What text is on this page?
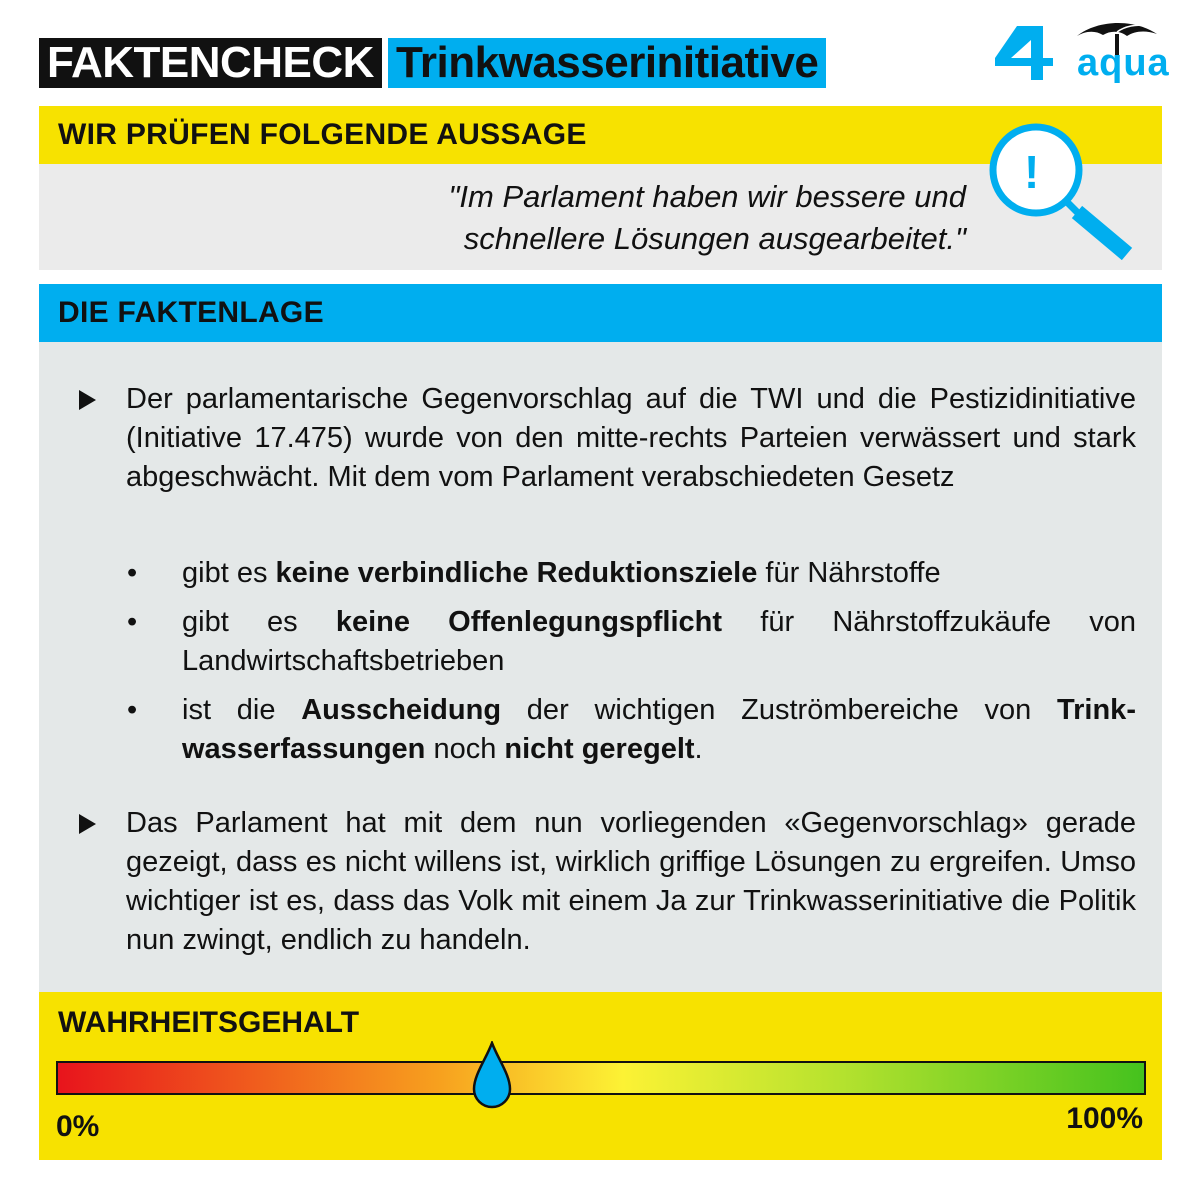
FAKTENCHECK Trinkwasserinitiative	aqua
WIR PRÜFEN FOLGENDE AUSSAGE
"Im Parlament haben wir bessere und
schnellere Lösungen ausgearbeitet."
!
DIE FAKTENLAGE
Der parlamentarische Gegenvorschlag auf die TWI und die Pestizidinitiative (Initiative 17.475) wurde von den mitte-rechts Parteien verwässert und stark abgeschwächt. Mit dem vom Parlament verabschiedeten Gesetz
• gibt es keine verbindliche Reduktionsziele für Nährstoffe
• gibt es keine Offenlegungspflicht für Nährstoffzukäufe von Landwirtschaftsbetrieben
• ist die Ausscheidung der wichtigen Zuströmbereiche von Trinkwasserfassungen noch nicht geregelt.
Das Parlament hat mit dem nun vorliegenden «Gegenvorschlag» gerade gezeigt, dass es nicht willens ist, wirklich griffige Lösungen zu ergreifen. Umso wichtiger ist es, dass das Volk mit einem Ja zur Trinkwasserinitiative die Politik nun zwingt, endlich zu handeln.
WAHRHEITSGEHALT
0%	100%
